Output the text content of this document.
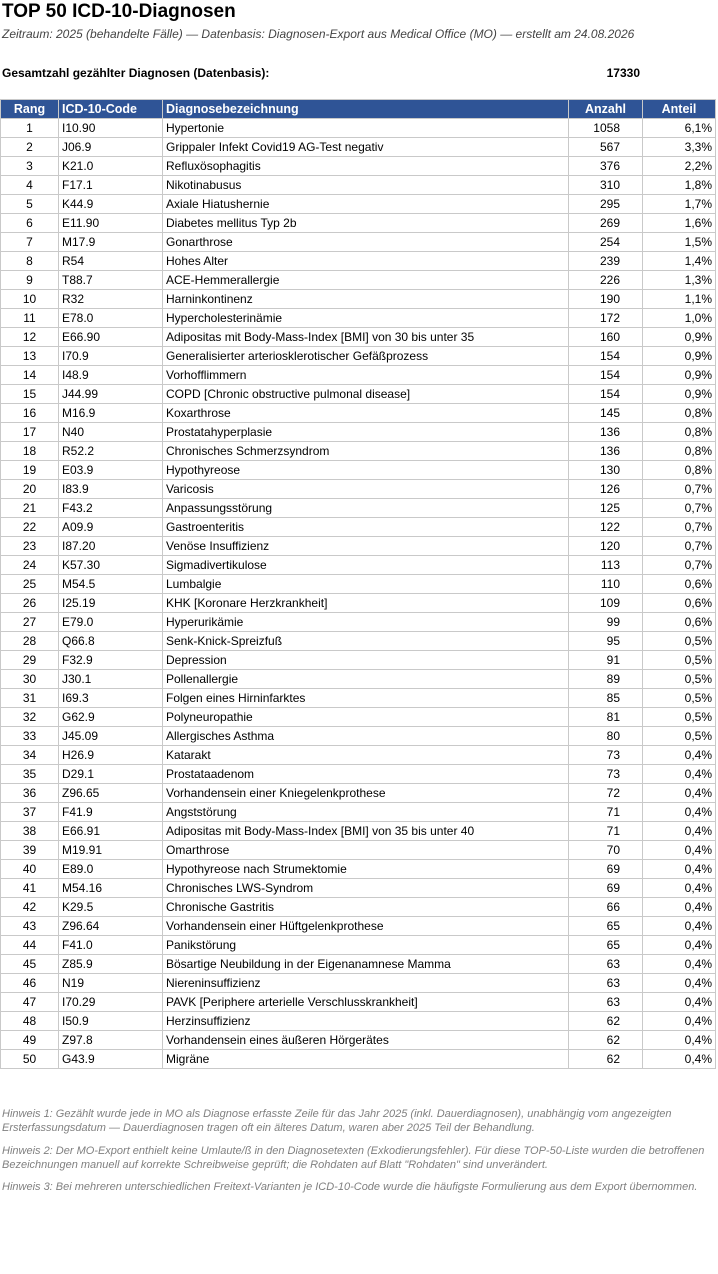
TOP 50 ICD-10-Diagnosen
Zeitraum: 2025 (behandelte Fälle) — Datenbasis: Diagnosen-Export aus Medical Office (MO) — erstellt am 24.08.2026
Gesamtzahl gezählter Diagnosen (Datenbasis):	17330
Rang	ICD-10-Code	Diagnosebezeichnung	Anzahl	Anteil
1	I10.90	Hypertonie	1058	6,1%
2	J06.9	Grippaler Infekt Covid19 AG-Test negativ	567	3,3%
3	K21.0	Refluxösophagitis	376	2,2%
4	F17.1	Nikotinabusus	310	1,8%
5	K44.9	Axiale Hiatushernie	295	1,7%
6	E11.90	Diabetes mellitus Typ 2b	269	1,6%
7	M17.9	Gonarthrose	254	1,5%
8	R54	Hohes Alter	239	1,4%
9	T88.7	ACE-Hemmerallergie	226	1,3%
10	R32	Harninkontinenz	190	1,1%
11	E78.0	Hypercholesterinämie	172	1,0%
12	E66.90	Adipositas mit Body-Mass-Index [BMI] von 30 bis unter 35	160	0,9%
13	I70.9	Generalisierter arteriosklerotischer Gefäßprozess	154	0,9%
14	I48.9	Vorhofflimmern	154	0,9%
15	J44.99	COPD [Chronic obstructive pulmonal disease]	154	0,9%
16	M16.9	Koxarthrose	145	0,8%
17	N40	Prostatahyperplasie	136	0,8%
18	R52.2	Chronisches Schmerzsyndrom	136	0,8%
19	E03.9	Hypothyreose	130	0,8%
20	I83.9	Varicosis	126	0,7%
21	F43.2	Anpassungsstörung	125	0,7%
22	A09.9	Gastroenteritis	122	0,7%
23	I87.20	Venöse Insuffizienz	120	0,7%
24	K57.30	Sigmadivertikulose	113	0,7%
25	M54.5	Lumbalgie	110	0,6%
26	I25.19	KHK [Koronare Herzkrankheit]	109	0,6%
27	E79.0	Hyperurikämie	99	0,6%
28	Q66.8	Senk-Knick-Spreizfuß	95	0,5%
29	F32.9	Depression	91	0,5%
30	J30.1	Pollenallergie	89	0,5%
31	I69.3	Folgen eines Hirninfarktes	85	0,5%
32	G62.9	Polyneuropathie	81	0,5%
33	J45.09	Allergisches Asthma	80	0,5%
34	H26.9	Katarakt	73	0,4%
35	D29.1	Prostataadenom	73	0,4%
36	Z96.65	Vorhandensein einer Kniegelenkprothese	72	0,4%
37	F41.9	Angststörung	71	0,4%
38	E66.91	Adipositas mit Body-Mass-Index [BMI] von 35 bis unter 40	71	0,4%
39	M19.91	Omarthrose	70	0,4%
40	E89.0	Hypothyreose nach Strumektomie	69	0,4%
41	M54.16	Chronisches LWS-Syndrom	69	0,4%
42	K29.5	Chronische Gastritis	66	0,4%
43	Z96.64	Vorhandensein einer Hüftgelenkprothese	65	0,4%
44	F41.0	Panikstörung	65	0,4%
45	Z85.9	Bösartige Neubildung in der Eigenanamnese Mamma	63	0,4%
46	N19	Niereninsuffizienz	63	0,4%
47	I70.29	PAVK [Periphere arterielle Verschlusskrankheit]	63	0,4%
48	I50.9	Herzinsuffizienz	62	0,4%
49	Z97.8	Vorhandensein eines äußeren Hörgerätes	62	0,4%
50	G43.9	Migräne	62	0,4%
Hinweis 1: Gezählt wurde jede in MO als Diagnose erfasste Zeile für das Jahr 2025 (inkl. Dauerdiagnosen), unabhängig vom angezeigten Ersterfassungsdatum — Dauerdiagnosen tragen oft ein älteres Datum, waren aber 2025 Teil der Behandlung.
Hinweis 2: Der MO-Export enthielt keine Umlaute/ß in den Diagnosetexten (Exkodierungsfehler). Für diese TOP-50-Liste wurden die betroffenen Bezeichnungen manuell auf korrekte Schreibweise geprüft; die Rohdaten auf Blatt "Rohdaten" sind unverändert.
Hinweis 3: Bei mehreren unterschiedlichen Freitext-Varianten je ICD-10-Code wurde die häufigste Formulierung aus dem Export übernommen.
